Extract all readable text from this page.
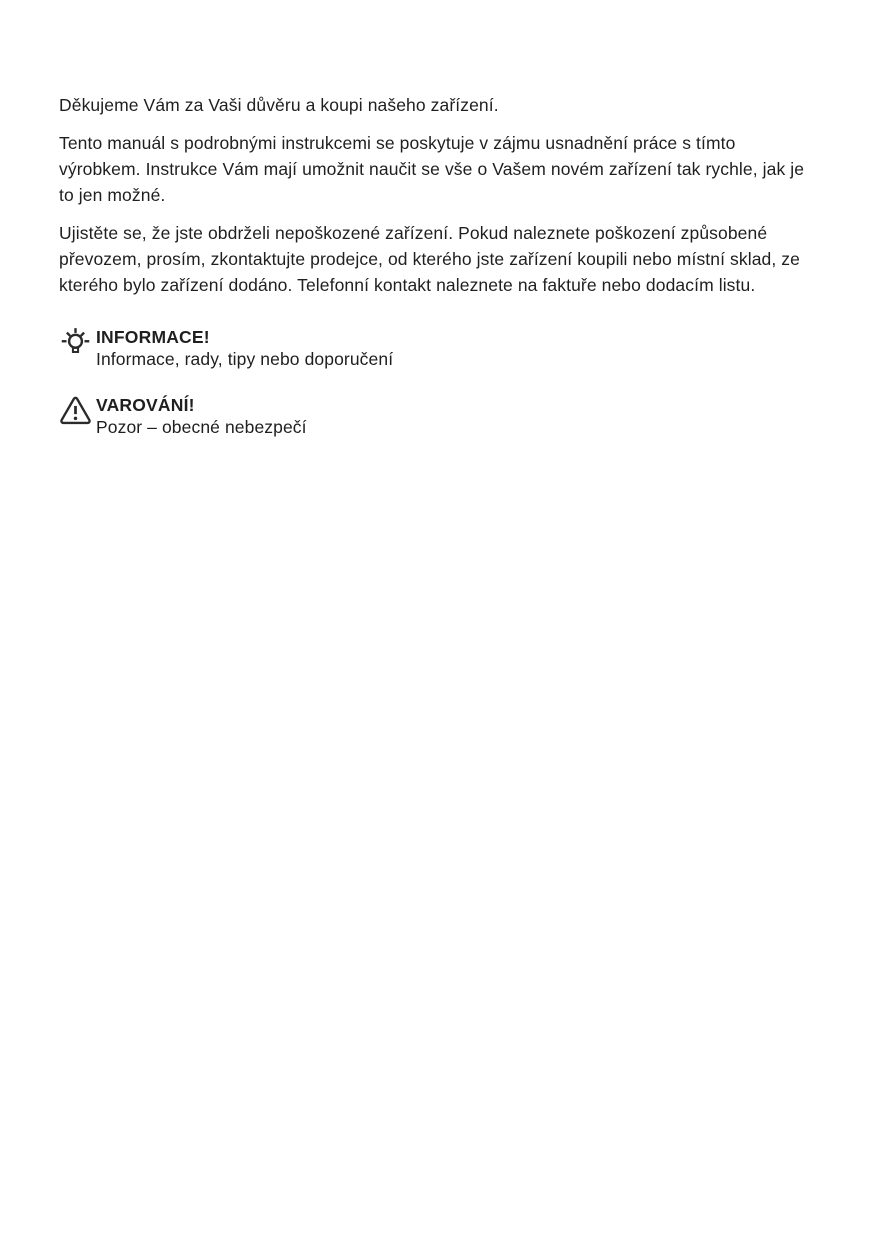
Děkujeme Vám za Vaši důvěru a koupi našeho zařízení.

Tento manuál s podrobnými instrukcemi se poskytuje v zájmu usnadnění práce s tímto výrobkem. Instrukce Vám mají umožnit naučit se vše o Vašem novém zařízení tak rychle, jak je to jen možné.

Ujistěte se, že jste obdrželi nepoškozené zařízení. Pokud naleznete poškození způsobené převozem, prosím, zkontaktujte prodejce, od kterého jste zařízení koupili nebo místní sklad, ze kterého bylo zařízení dodáno. Telefonní kontakt naleznete na faktuře nebo dodacím listu.

INFORMACE!
Informace, rady, tipy nebo doporučení
VAROVÁNÍ!
Pozor – obecné nebezpečí
